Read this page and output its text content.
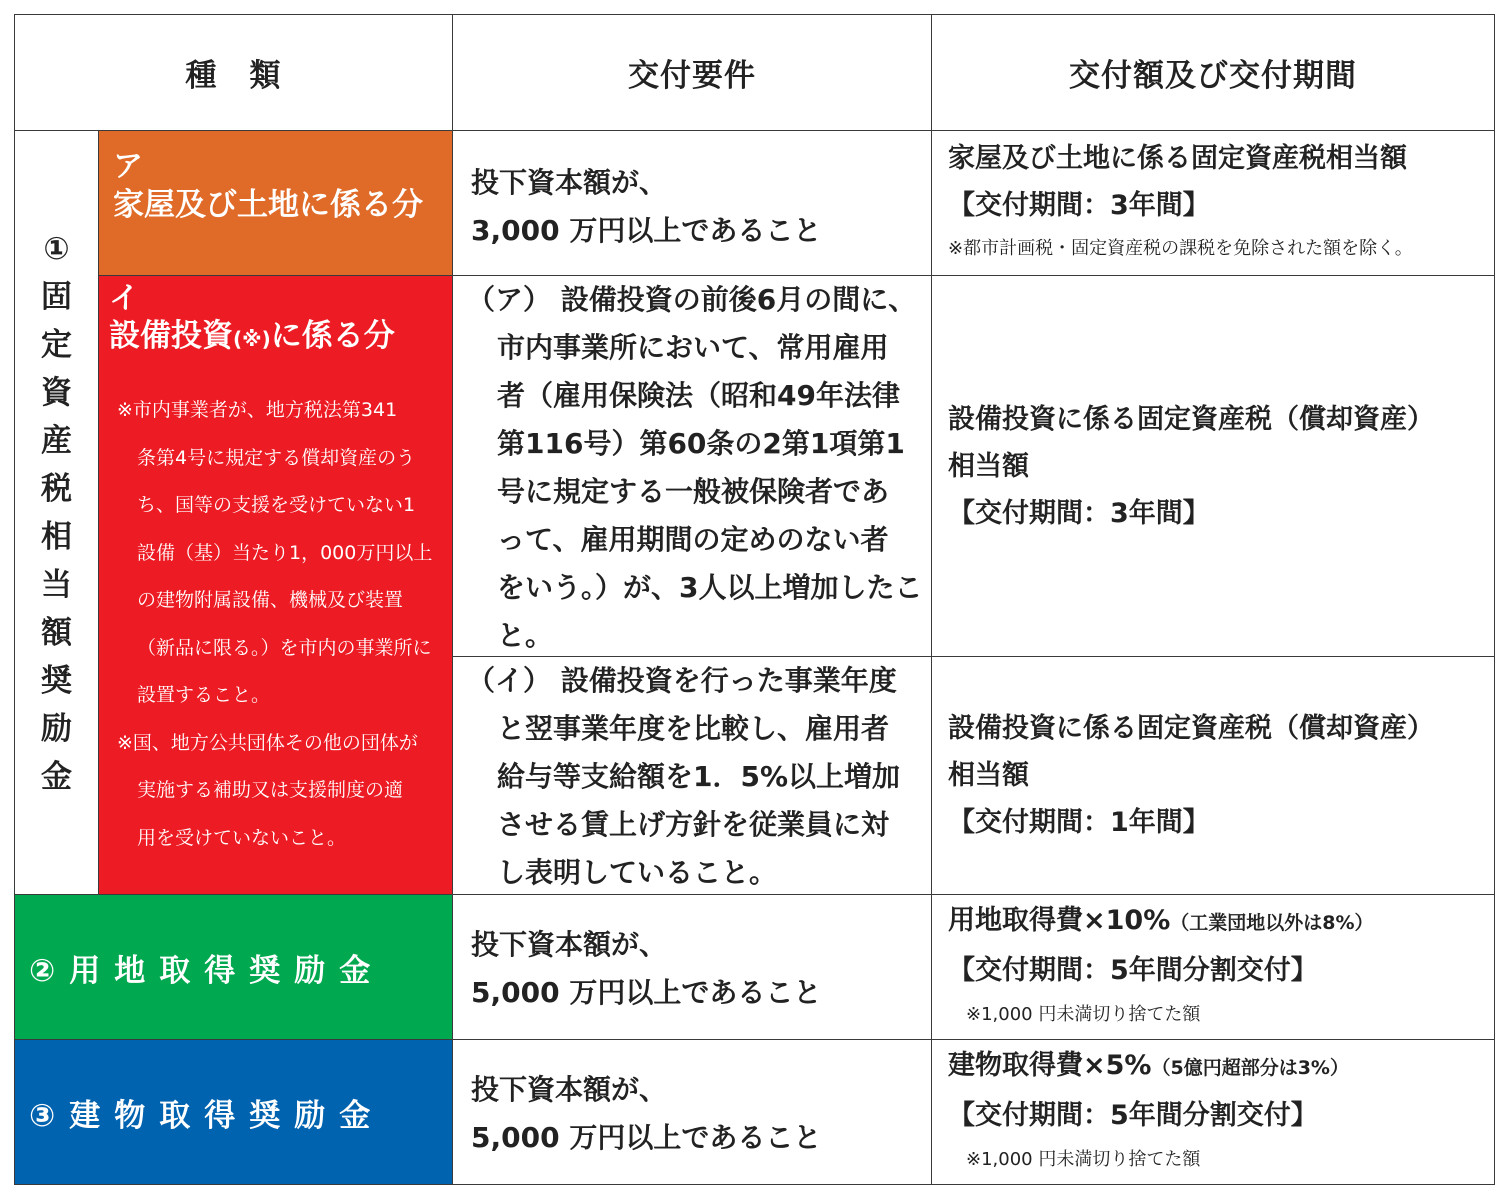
種　類	交付要件	交付額及び交付期間
①
固
定
資
産
税
相
当
額
奨
励
金
ア
家屋及び土地に係る分
投下資本額が、
3,000 万円以上であること
家屋及び土地に係る固定資産税相当額
【交付期間：3年間】
※都市計画税・固定資産税の課税を免除された額を除く。
イ
設備投資(※)に係る分
※市内事業者が、地方税法第341
条第4号に規定する償却資産のう
ち、国等の支援を受けていない1
設備（基）当たり1，000万円以上
の建物附属設備、機械及び装置
（新品に限る。）を市内の事業所に
設置すること。
※国、地方公共団体その他の団体が
実施する補助又は支援制度の適
用を受けていないこと。
（ア） 設備投資の前後6月の間に、
市内事業所において、常用雇用
者（雇用保険法（昭和49年法律
第116号）第60条の2第1項第1
号に規定する一般被保険者であ
って、雇用期間の定めのない者
をいう。）が、3人以上増加したこ
と。
設備投資に係る固定資産税（償却資産）
相当額
【交付期間：3年間】
（イ） 設備投資を行った事業年度
と翌事業年度を比較し、雇用者
給与等支給額を1．5%以上増加
させる賃上げ方針を従業員に対
し表明していること。
設備投資に係る固定資産税（償却資産）
相当額
【交付期間：1年間】
②用地取得奨励金
投下資本額が、
5,000 万円以上であること
用地取得費×10%（工業団地以外は8%）
【交付期間：5年間分割交付】
※1,000 円未満切り捨てた額
③建物取得奨励金
投下資本額が、
5,000 万円以上であること
建物取得費×5%（5億円超部分は3%）
【交付期間：5年間分割交付】
※1,000 円未満切り捨てた額
